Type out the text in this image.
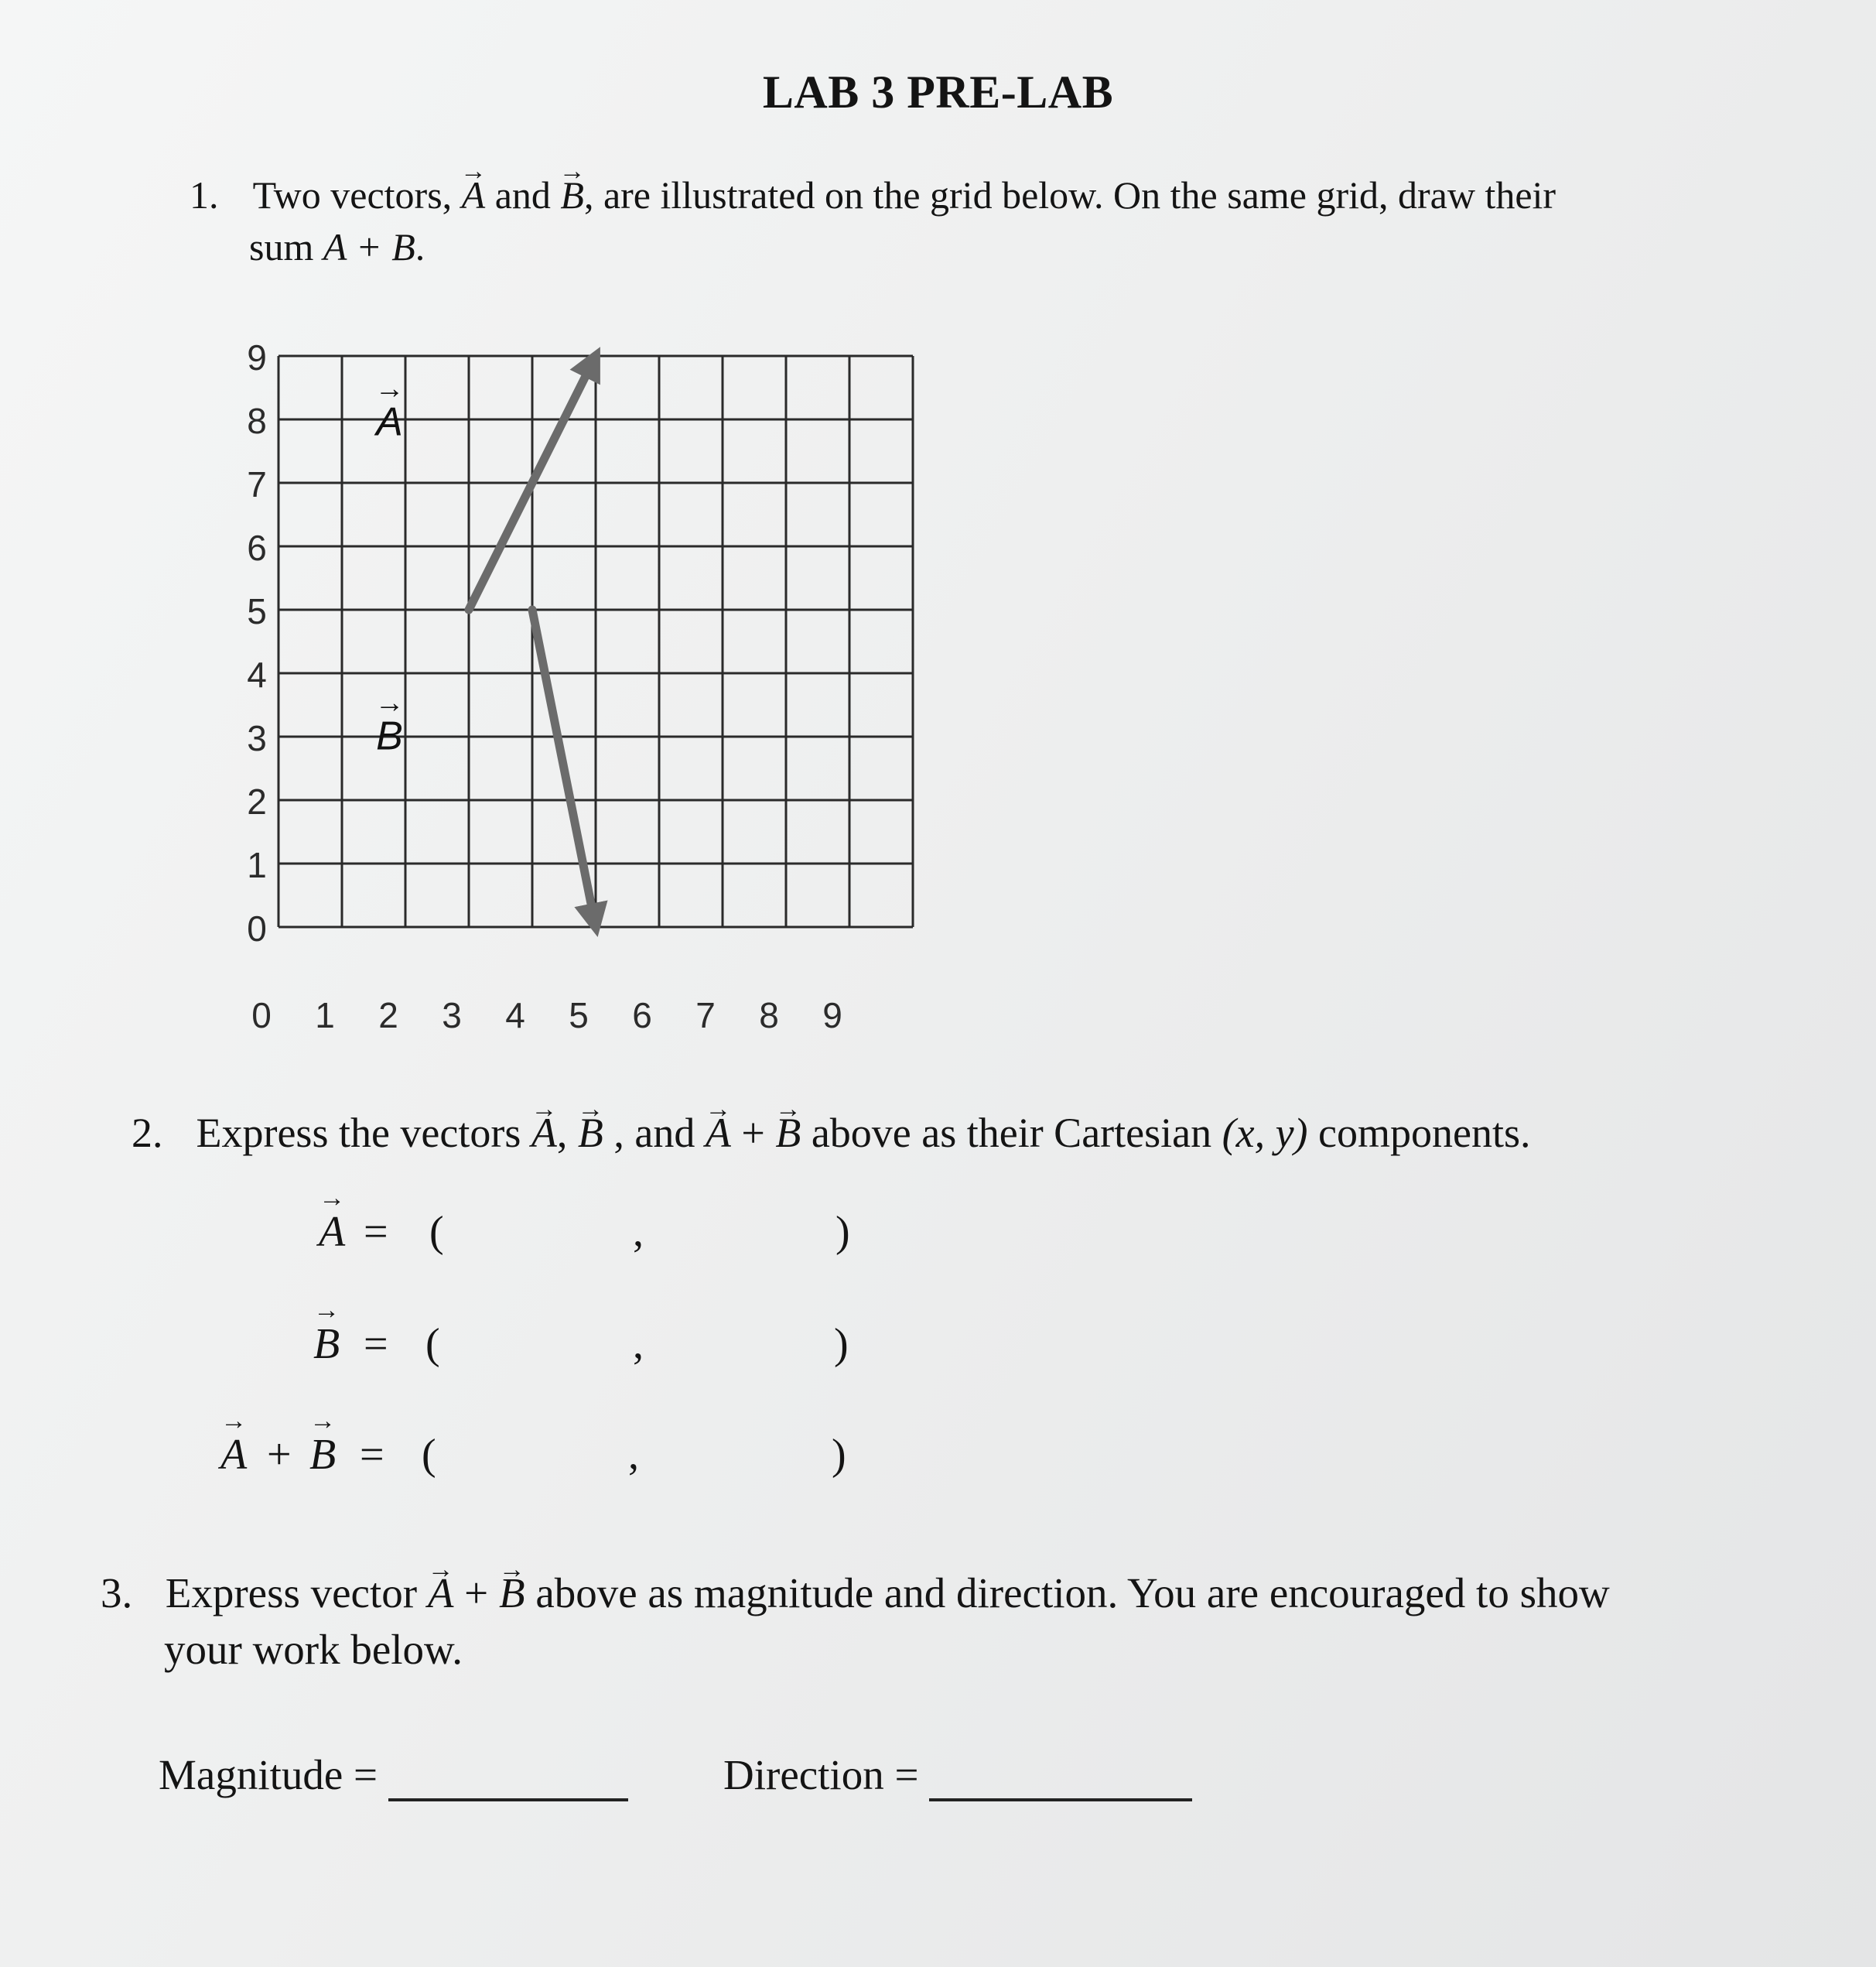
LAB 3 PRE-LAB
1. Two vectors, → A and → B, are illustrated on the grid below. On the same grid, draw their
sum A + B.
A
→
B
→
9
8
7
6
5
4
3
2
1
0
0 1 2 3 4 5 6 7 8 9
2. Express the vectors → A, → B , and → A + → B above as their Cartesian (x, y) components.
→ A = (	,	)
→ B = (	,	)
→ A + → B = (	,	)
3. Express vector → A + → B above as magnitude and direction. You are encouraged to show
your work below.
Magnitude =	Direction =
